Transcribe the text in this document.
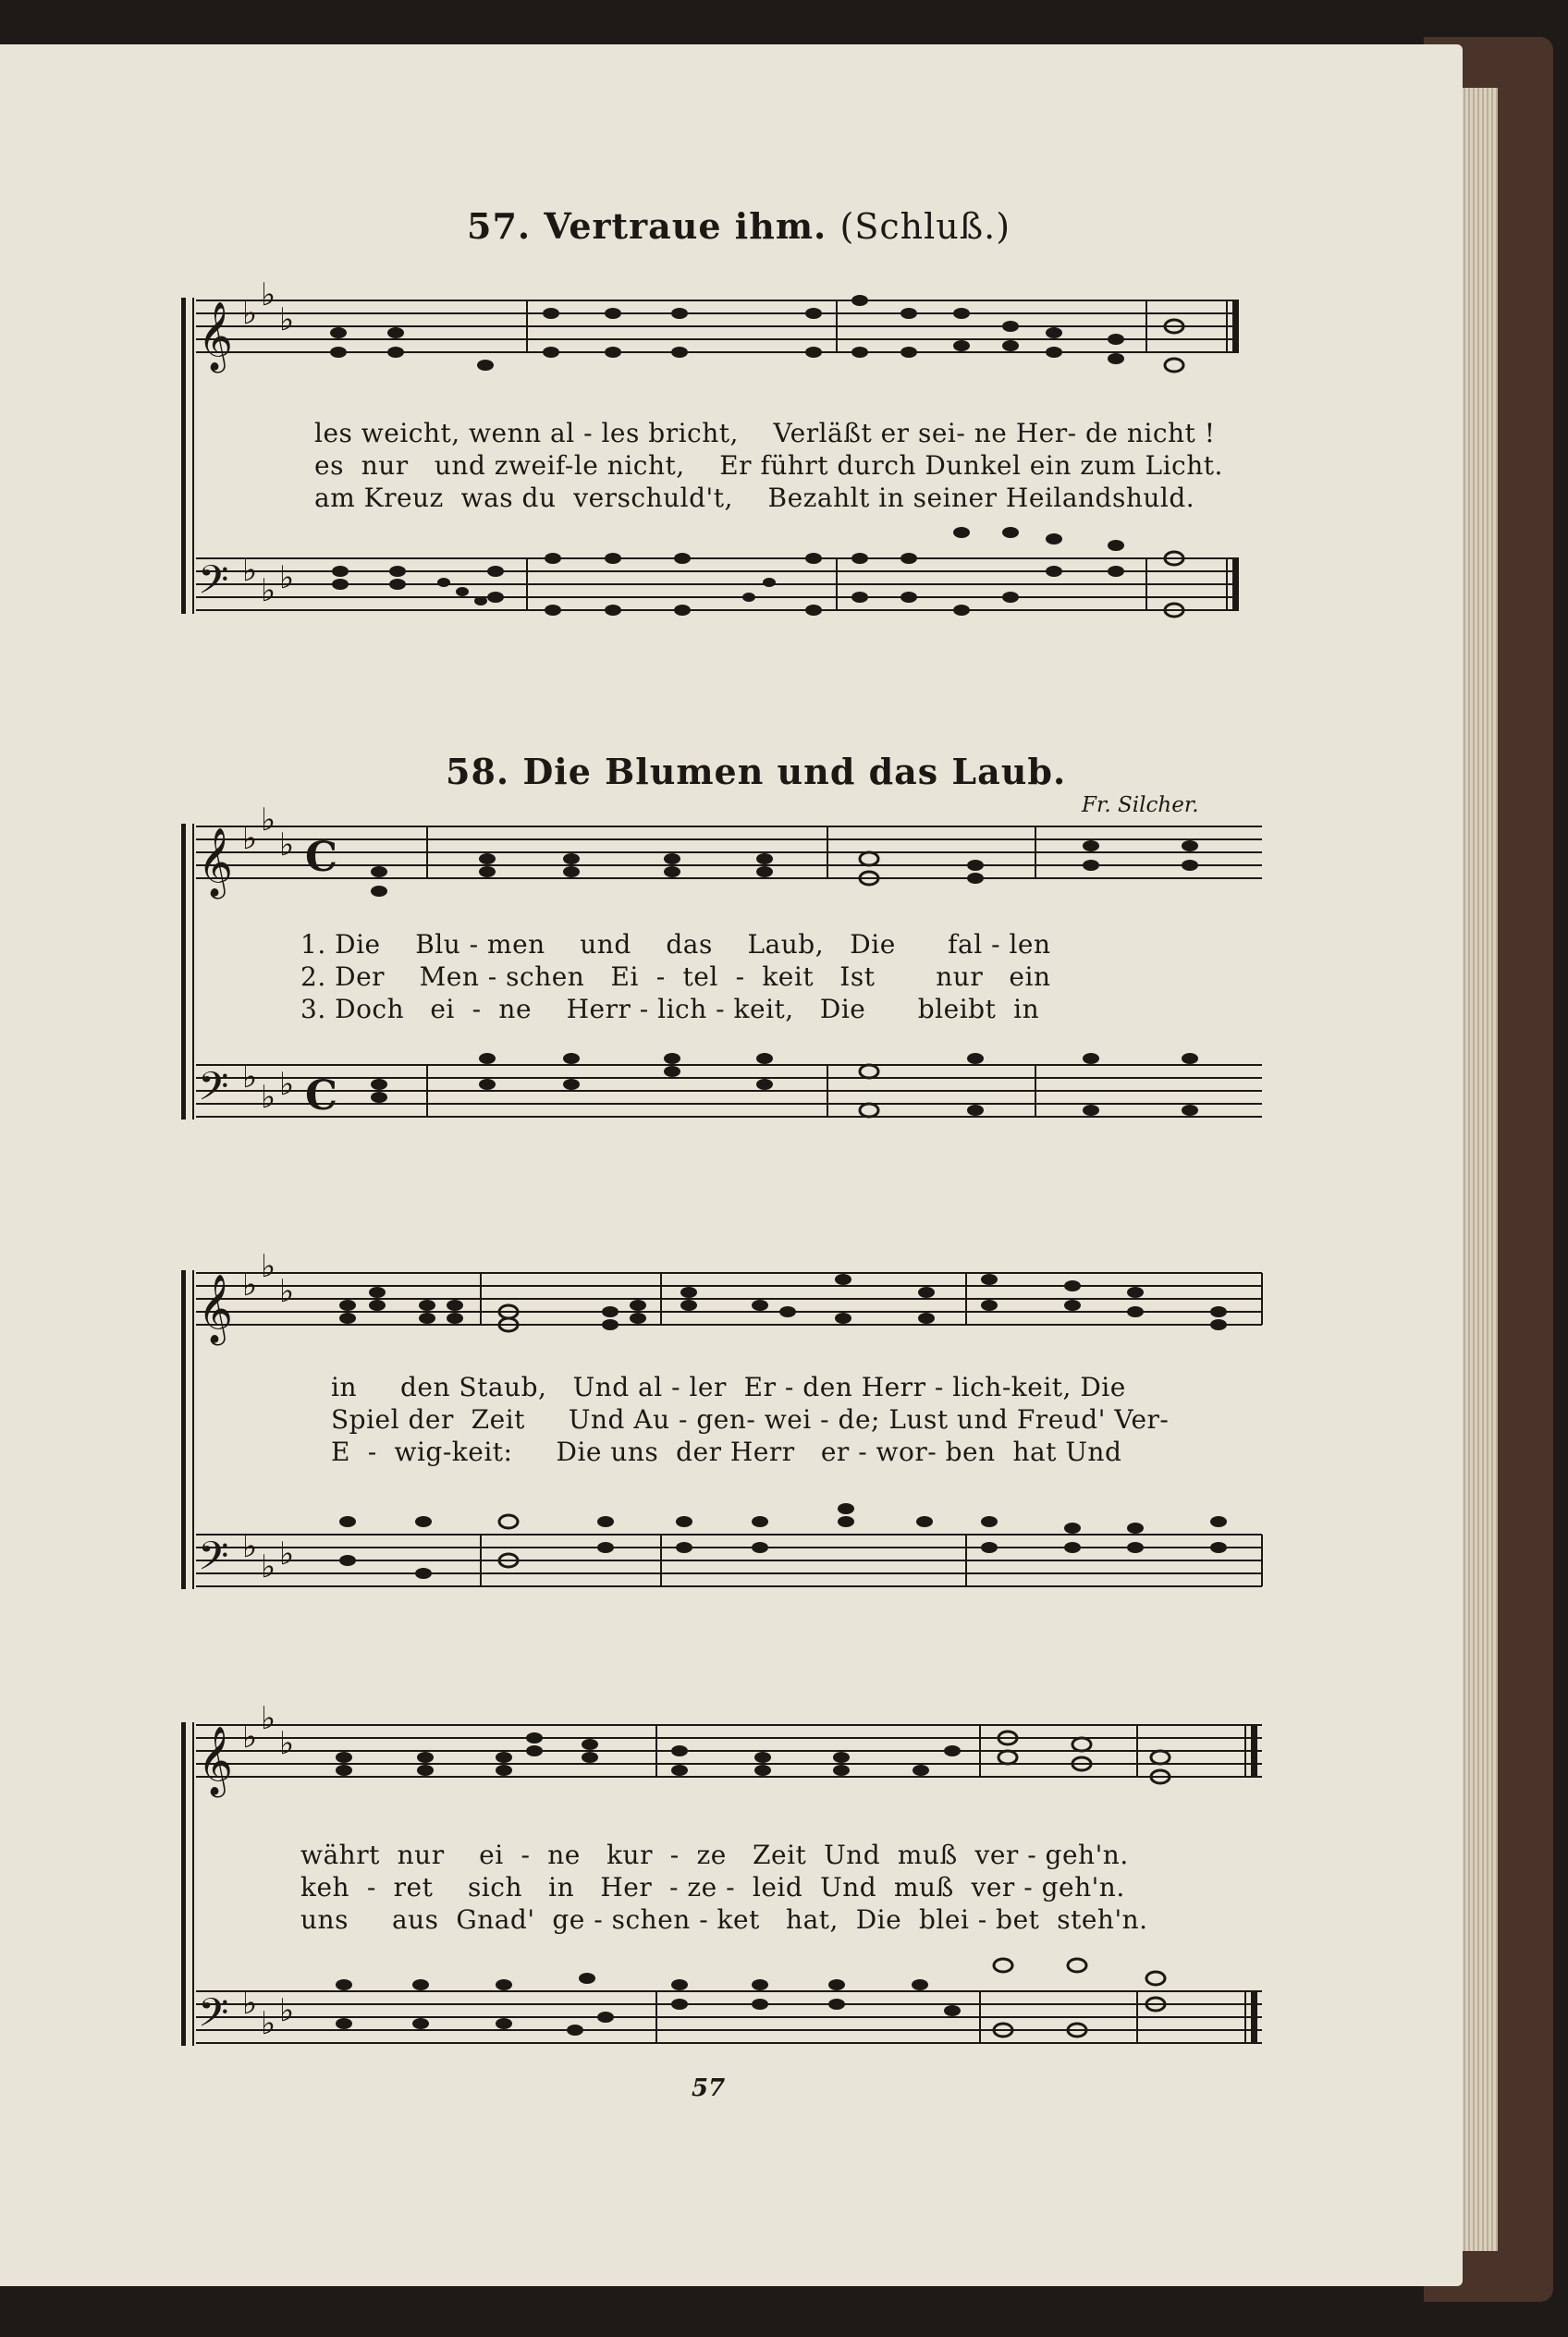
𝄞
𝄢
𝄞
𝄢
𝄞
𝄢
𝄞
𝄢
♭ ♭
♭
♭
♭ ♭
♭ ♭
♭
♭
♭ ♭
♭ ♭
♭
♭
♭ ♭
♭ ♭
♭
♭
♭ ♭
C
C
57. Vertraue ihm. (Schluß.)
les weicht, wenn al - les bricht,    Verläßt er sei- ne Her- de nicht !
es  nur   und zweif-le nicht,    Er führt durch Dunkel ein zum Licht.
am Kreuz  was du  verschuld't,    Bezahlt in seiner Heilandshuld.
58. Die Blumen und das Laub.
Fr. Silcher.
1. Die    Blu - men    und    das    Laub,   Die      fal - len
2. Der    Men - schen   Ei  -  tel  -  keit   Ist       nur   ein
3. Doch   ei  -  ne    Herr - lich - keit,   Die      bleibt  in
in     den Staub,   Und al - ler  Er - den Herr - lich-keit, Die
Spiel der  Zeit     Und Au - gen- wei - de; Lust und Freud' Ver-
E  -  wig-keit:     Die uns  der Herr   er - wor- ben  hat Und
währt  nur    ei  -  ne   kur  -  ze   Zeit  Und  muß  ver - geh'n.
keh  -  ret    sich   in   Her  - ze -  leid  Und  muß  ver - geh'n.
uns     aus  Gnad'  ge - schen - ket   hat,  Die  blei - bet  steh'n.
57
